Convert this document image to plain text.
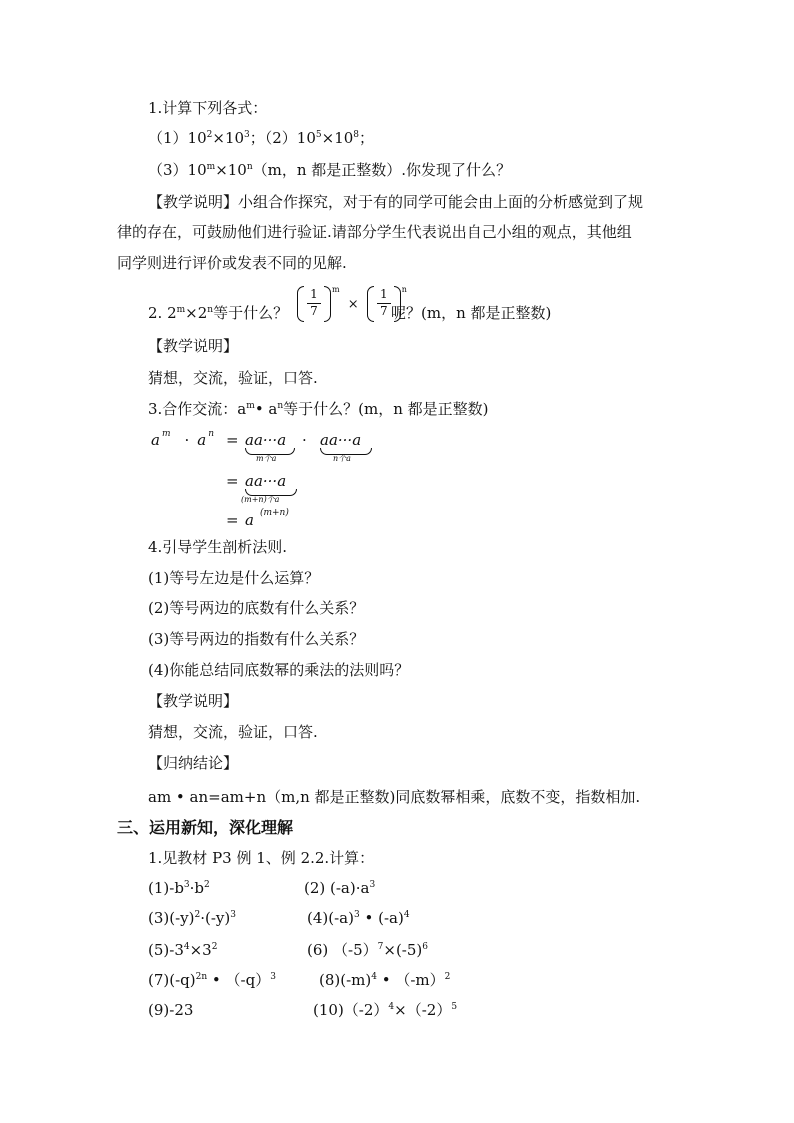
1.计算下列各式：
$(1)10^2\times 10^3$；$(2)10^5\times 10^8$；
$(3)10^m\times 10^n(m$，n 都是正整数）.你发现了什么？
【教学说明】小组合作探究，对于有的同学可能会由上面的分析感觉到了规
律的存在，可鼓励他们进行验证.请部分学生代表说出自己小组的观点，其他组
同学则进行评价或发表不同的见解.
2. $2^m\times 2^n$等于什么？ $\frac{1}{7} ^m \times \frac{1}{7} ^n$
呢？(m，n 都是正整数)
【教学说明】
猜想，交流，验证，口答.
3.合作交流：$a^m•$ $a^n$等于什么？(m，n 都是正整数)
a $^m$ · a $^n$ = aa···a
m个a
· aa···a
n个a
= aa···a
(m+n)个a
= a $^{(m+n)}$
4.引导学生剖析法则.
(1)等号左边是什么运算？
(2)等号两边的底数有什么关系？
(3)等号两边的指数有什么关系？
(4)你能总结同底数幂的乘法的法则吗？
【教学说明】
猜想，交流，验证，口答.
【归纳结论】
am • an=am+n（m,n 都是正整数)同底数幂相乘，底数不变，指数相加.
三、运用新知，深化理解
1.见教材 P3 例 1、例 2.2.计算：
$(1)-b^3\cdot b^2$	(2) $(-a)\cdot a^3$
$(3)(-y)^2\cdot(-y)^3$	$(4)(-a)^3$ • $(-a)^4$
$(5)-3^4\times 3^2$	(6) $(-5)^7\times(-5)^6$
$(7)(-q)^{2n}$ • $(-q)^3$	$(8)(-m)^4$ • $(-m)^2$
(9)-23	$(10)(-2)^4\times(-2)^5$
